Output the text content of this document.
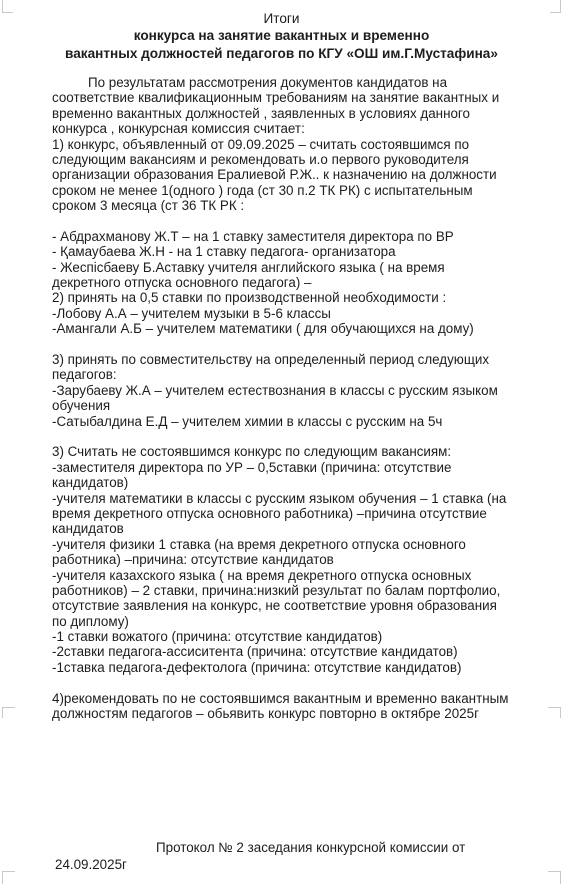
Итоги
конкурса на занятие вакантных и временно
вакантных должностей педагогов по КГУ «ОШ им.Г.Мустафина»
По результатам рассмотрения документов кандидатов на
соответствие квалификационным требованиям на занятие вакантных и
временно вакантных должностей , заявленных в условиях данного
конкурса , конкурсная комиссия считает:
1) конкурс, объявленный от 09.09.2025 – считать состоявшимся по
следующим вакансиям и рекомендовать и.о первого руководителя
организации образования Ералиевой Р.Ж.. к назначению на должности
сроком не менее 1(одного ) года (ст 30 п.2 ТК РК) с испытательным
сроком 3 месяца (ст 36 ТК РК :
- Абдрахманову Ж.Т – на 1 ставку заместителя директора по ВР
- Қамаубаева Ж.Н - на 1 ставку педагога- организатора
- Жеспісбаеву Б.Аставку учителя английского языка ( на время
декретного отпуска основного педагога) –
2) принять на 0,5 ставки по производственной необходимости :
-Лобову А.А – учителем музыки в 5-6 классы
-Амангали А.Б – учителем математики ( для обучающихся на дому)
3) принять по совместительству на определенный период следующих
педагогов:
-Зарубаеву Ж.А – учителем естествознания в классы с русским языком
обучения
-Сатыбалдина Е.Д – учителем химии в классы с русским на 5ч
3) Считать не состоявшимся конкурс по следующим вакансиям:
-заместителя директора по УР – 0,5ставки (причина: отсутствие
кандидатов)
-учителя математики в классы с русским языком обучения – 1 ставка (на
время декретного отпуска основного работника) –причина отсутствие
кандидатов
-учителя физики 1 ставка (на время декретного отпуска основного
работника) –причина: отсутствие кандидатов
-учителя казахского языка ( на время декретного отпуска основных
работников) – 2 ставки, причина:низкий результат по балам портфолио,
отсутствие заявления на конкурс, не соответствие уровня образования
по диплому)
-1 ставки вожатого (причина: отсутствие кандидатов)
-2ставки педагога-ассиситента (причина: отсутствие кандидатов)
-1ставка педагога-дефектолога (причина: отсутствие кандидатов)
4)рекомендовать по не состоявшимся вакантным и временно вакантным
должностям педагогов – обьявить конкурс повторно в октябре 2025г
Протокол № 2 заседания конкурсной комиссии от
24.09.2025г
